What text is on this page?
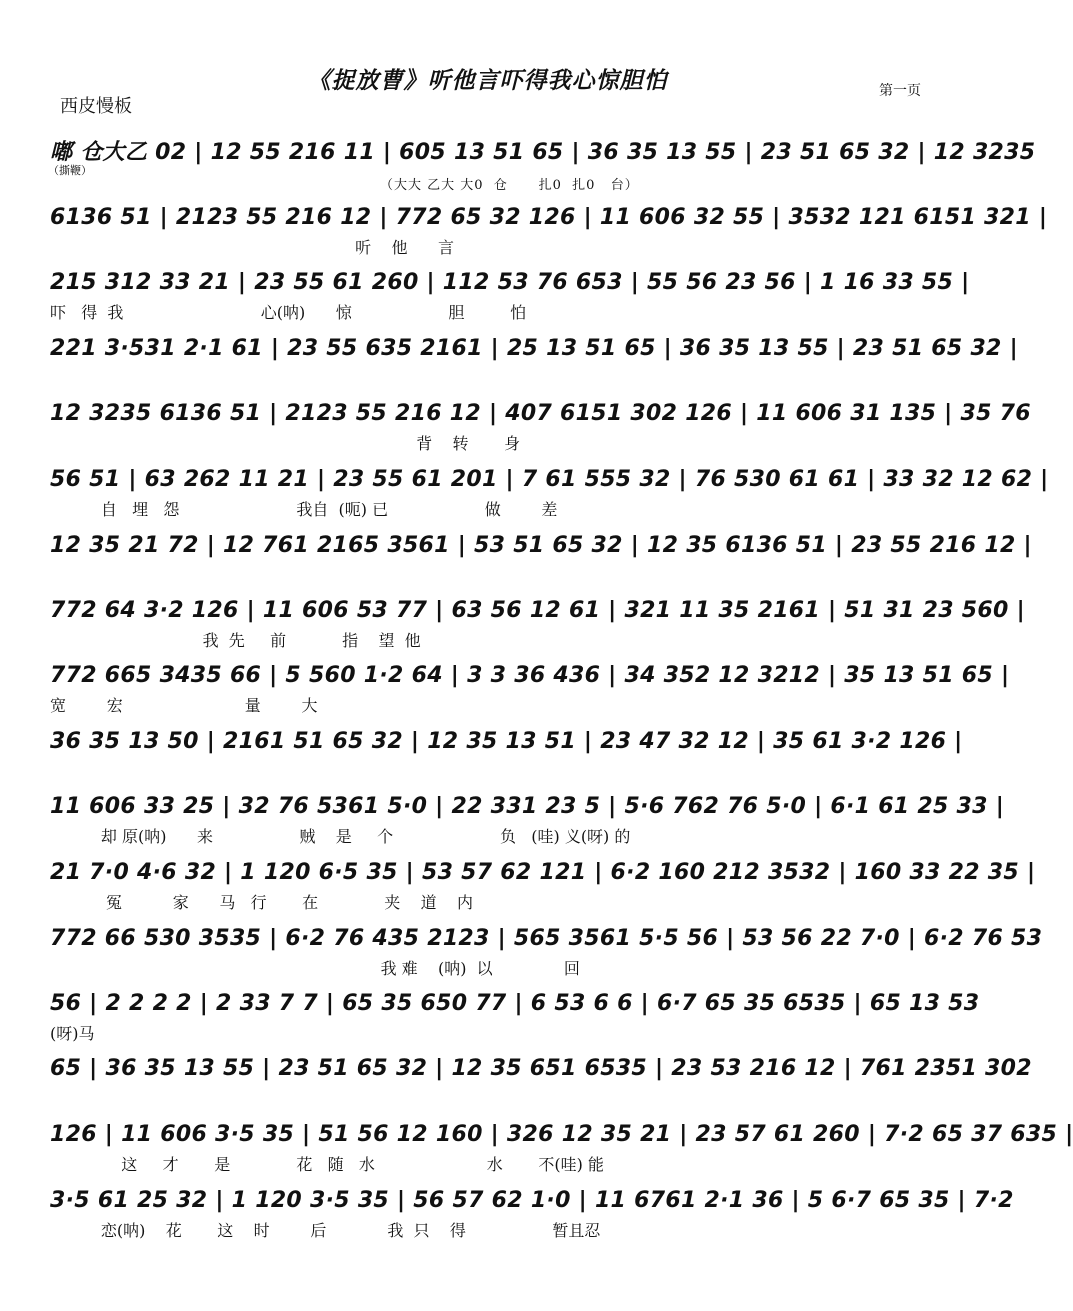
《捉放曹》听他言吓得我心惊胆怕	第一页
西皮慢板
（撕鞭）
（大大 乙大 大0  仓      扎0  扎0   台）
嘟 仓大乙 02 | 12 55 216 11 | 605 13 51 65 | 36 35 13 55 | 23 51 65 32 | 12 3235
6136 51 | 2123 55 216 12 | 772 65 32 126 | 11 606 32 55 | 3532 121 6151 321 |
听    他      言
215 312 33 21 | 23 55 61 260 | 112 53 76 653 | 55 56 23 56 | 1 16 33 55 |
吓   得  我                           心(呐)      惊                   胆         怕
221 3·531 2·1 61 | 23 55 635 2161 | 25 13 51 65 | 36 35 13 55 | 23 51 65 32 |
12 3235 6136 51 | 2123 55 216 12 | 407 6151 302 126 | 11 606 31 135 | 35 76
背    转       身
56 51 | 63 262 11 21 | 23 55 61 201 | 7 61 555 32 | 76 530 61 61 | 33 32 12 62 |
自   埋   怨                       我自  (呃) 已                   做        差
12 35 21 72 | 12 761 2165 3561 | 53 51 65 32 | 12 35 6136 51 | 23 55 216 12 |
772 64 3·2 126 | 11 606 53 77 | 63 56 12 61 | 321 11 35 2161 | 51 31 23 560 |
我  先     前           指    望  他
772 665 3435 66 | 5 560 1·2 64 | 3 3 36 436 | 34 352 12 3212 | 35 13 51 65 |
宽        宏                        量        大
36 35 13 50 | 2161 51 65 32 | 12 35 13 51 | 23 47 32 12 | 35 61 3·2 126 |
11 606 33 25 | 32 76 5361 5·0 | 22 331 23 5 | 5·6 762 76 5·0 | 6·1 61 25 33 |
却 原(呐)      来                 贼    是     个                     负   (哇) 义(呀) 的
21 7·0 4·6 32 | 1 120 6·5 35 | 53 57 62 121 | 6·2 160 212 3532 | 160 33 22 35 |
冤          家      马   行       在             夹    道    内
772 66 530 3535 | 6·2 76 435 2123 | 565 3561 5·5 56 | 53 56 22 7·0 | 6·2 76 53
我 难    (呐)  以              回
56 | 2 2 2 2 | 2 33 7 7 | 65 35 650 77 | 6 53 6 6 | 6·7 65 35 6535 | 65 13 53
(呀)马
65 | 36 35 13 55 | 23 51 65 32 | 12 35 651 6535 | 23 53 216 12 | 761 2351 302
126 | 11 606 3·5 35 | 51 56 12 160 | 326 12 35 21 | 23 57 61 260 | 7·2 65 37 635 |
这     才       是             花   随   水                      水       不(哇) 能
3·5 61 25 32 | 1 120 3·5 35 | 56 57 62 1·0 | 11 6761 2·1 36 | 5 6·7 65 35 | 7·2
恋(呐)    花       这    时        后            我  只    得                 暂且忍
